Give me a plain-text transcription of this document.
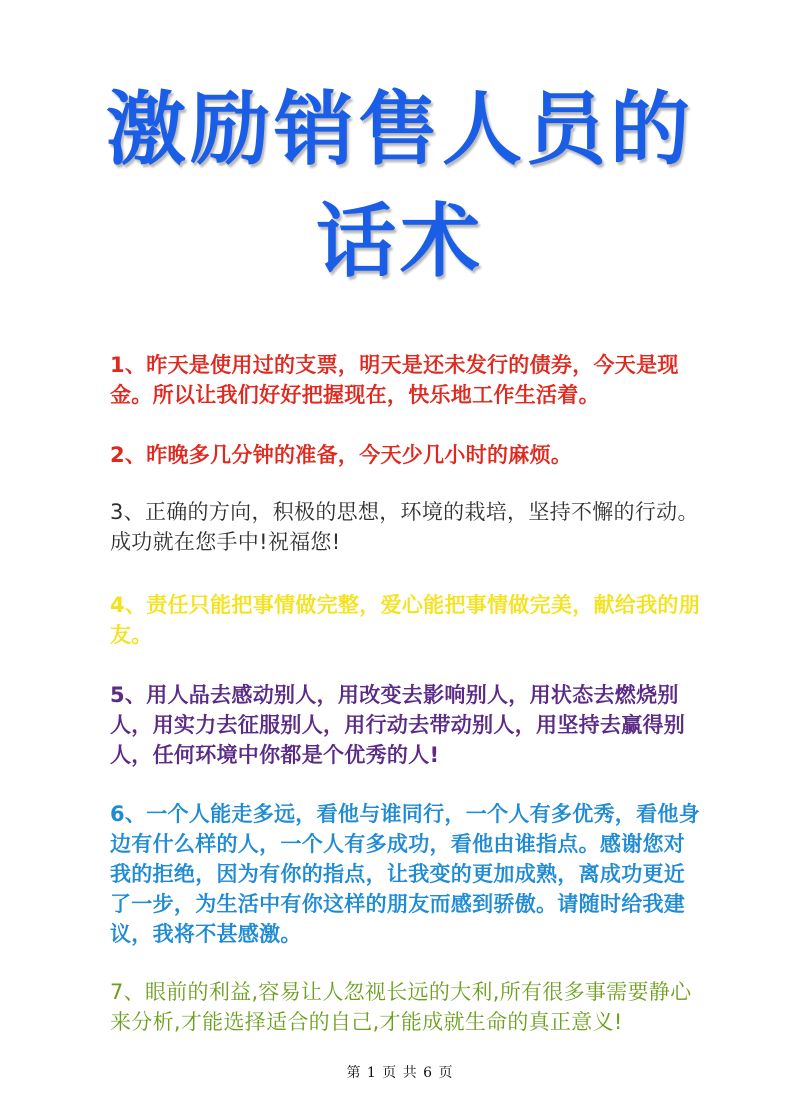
激励销售人员的
话术
1、昨天是使用过的支票，明天是还未发行的债券，今天是现金。所以让我们好好把握现在，快乐地工作生活着。
2、昨晚多几分钟的准备，今天少几小时的麻烦。
3、正确的方向，积极的思想，环境的栽培，坚持不懈的行动。成功就在您手中!祝福您!
4、责任只能把事情做完整，爱心能把事情做完美，献给我的朋友。
5、用人品去感动别人，用改变去影响别人，用状态去燃烧别人，用实力去征服别人，用行动去带动别人，用坚持去赢得别人，任何环境中你都是个优秀的人!
6、一个人能走多远，看他与谁同行，一个人有多优秀，看他身边有什么样的人，一个人有多成功，看他由谁指点。感谢您对我的拒绝，因为有你的指点，让我变的更加成熟，离成功更近了一步，为生活中有你这样的朋友而感到骄傲。请随时给我建议，我将不甚感激。
7、眼前的利益,容易让人忽视长远的大利,所有很多事需要静心来分析,才能选择适合的自己,才能成就生命的真正意义!
第 1 页 共 6 页
